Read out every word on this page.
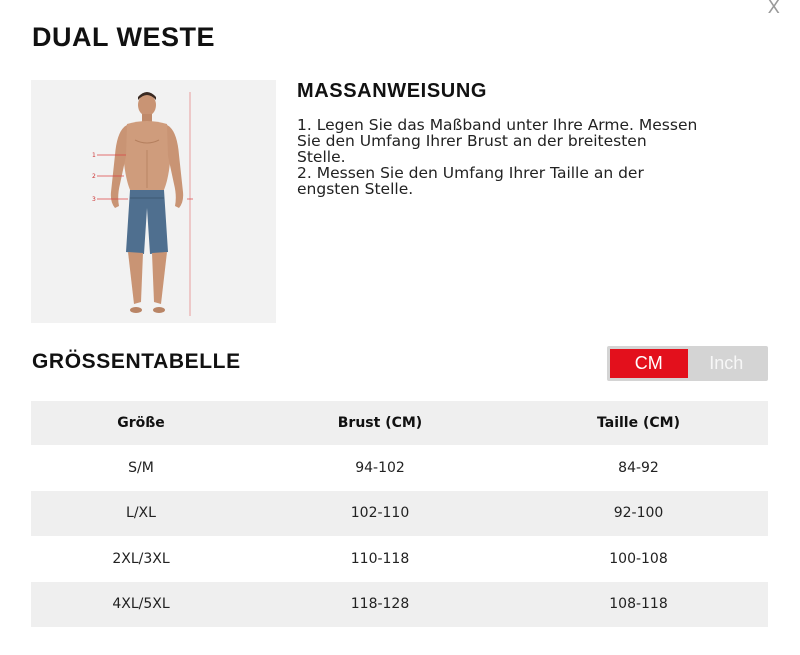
X
DUAL WESTE
1
2
3
MASSANWEISUNG
1. Legen Sie das Maßband unter Ihre Arme. Messen
Sie den Umfang Ihrer Brust an der breitesten
Stelle.
2. Messen Sie den Umfang Ihrer Taille an der
engsten Stelle.
GRÖSSENTABELLE	CM	Inch
Größe	Brust (CM)	Taille (CM)
S/M	94-102	84-92
L/XL	102-110	92-100
2XL/3XL	110-118	100-108
4XL/5XL	118-128	108-118
